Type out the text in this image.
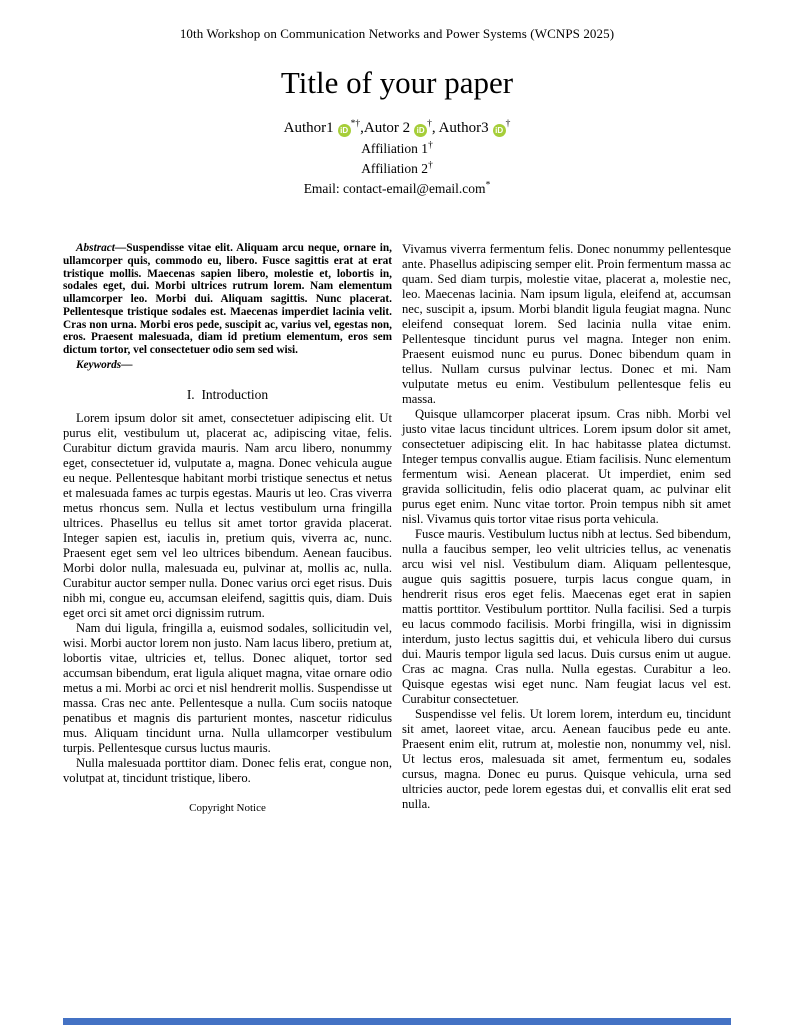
10th Workshop on Communication Networks and Power Systems (WCNPS 2025)
Title of your paper
Author1 iD*†,Autor 2 iD†, Author3 iD†
Affiliation 1†
Affiliation 2†
Email: contact-email@email.com*

Abstract—Suspendisse vitae elit. Aliquam arcu neque, ornare in, ullamcorper quis, commodo eu, libero. Fusce sagittis erat at erat tristique mollis. Maecenas sapien libero, molestie et, lobortis in, sodales eget, dui. Morbi ultrices rutrum lorem. Nam elementum ullamcorper leo. Morbi dui. Aliquam sagittis. Nunc placerat. Pellentesque tristique sodales est. Maecenas imperdiet lacinia velit. Cras non urna. Morbi eros pede, suscipit ac, varius vel, egestas non, eros. Praesent malesuada, diam id pretium elementum, eros sem dictum tortor, vel consectetuer odio sem sed wisi.

Keywords—

I. Introduction

Lorem ipsum dolor sit amet, consectetuer adipiscing elit. Ut purus elit, vestibulum ut, placerat ac, adipiscing vitae, felis. Curabitur dictum gravida mauris. Nam arcu libero, nonummy eget, consectetuer id, vulputate a, magna. Donec vehicula augue eu neque. Pellentesque habitant morbi tristique senectus et netus et malesuada fames ac turpis egestas. Mauris ut leo. Cras viverra metus rhoncus sem. Nulla et lectus vestibulum urna fringilla ultrices. Phasellus eu tellus sit amet tortor gravida placerat. Integer sapien est, iaculis in, pretium quis, viverra ac, nunc. Praesent eget sem vel leo ultrices bibendum. Aenean faucibus. Morbi dolor nulla, malesuada eu, pulvinar at, mollis ac, nulla. Curabitur auctor semper nulla. Donec varius orci eget risus. Duis nibh mi, congue eu, accumsan eleifend, sagittis quis, diam. Duis eget orci sit amet orci dignissim rutrum.

Nam dui ligula, fringilla a, euismod sodales, sollicitudin vel, wisi. Morbi auctor lorem non justo. Nam lacus libero, pretium at, lobortis vitae, ultricies et, tellus. Donec aliquet, tortor sed accumsan bibendum, erat ligula aliquet magna, vitae ornare odio metus a mi. Morbi ac orci et nisl hendrerit mollis. Suspendisse ut massa. Cras nec ante. Pellentesque a nulla. Cum sociis natoque penatibus et magnis dis parturient montes, nascetur ridiculus mus. Aliquam tincidunt urna. Nulla ullamcorper vestibulum turpis. Pellentesque cursus luctus mauris.

Nulla malesuada porttitor diam. Donec felis erat, congue non, volutpat at, tincidunt tristique, libero.

Copyright Notice

Vivamus viverra fermentum felis. Donec nonummy pellentesque ante. Phasellus adipiscing semper elit. Proin fermentum massa ac quam. Sed diam turpis, molestie vitae, placerat a, molestie nec, leo. Maecenas lacinia. Nam ipsum ligula, eleifend at, accumsan nec, suscipit a, ipsum. Morbi blandit ligula feugiat magna. Nunc eleifend consequat lorem. Sed lacinia nulla vitae enim. Pellentesque tincidunt purus vel magna. Integer non enim. Praesent euismod nunc eu purus. Donec bibendum quam in tellus. Nullam cursus pulvinar lectus. Donec et mi. Nam vulputate metus eu enim. Vestibulum pellentesque felis eu massa.

Quisque ullamcorper placerat ipsum. Cras nibh. Morbi vel justo vitae lacus tincidunt ultrices. Lorem ipsum dolor sit amet, consectetuer adipiscing elit. In hac habitasse platea dictumst. Integer tempus convallis augue. Etiam facilisis. Nunc elementum fermentum wisi. Aenean placerat. Ut imperdiet, enim sed gravida sollicitudin, felis odio placerat quam, ac pulvinar elit purus eget enim. Nunc vitae tortor. Proin tempus nibh sit amet nisl. Vivamus quis tortor vitae risus porta vehicula.

Fusce mauris. Vestibulum luctus nibh at lectus. Sed bibendum, nulla a faucibus semper, leo velit ultricies tellus, ac venenatis arcu wisi vel nisl. Vestibulum diam. Aliquam pellentesque, augue quis sagittis posuere, turpis lacus congue quam, in hendrerit risus eros eget felis. Maecenas eget erat in sapien mattis porttitor. Vestibulum porttitor. Nulla facilisi. Sed a turpis eu lacus commodo facilisis. Morbi fringilla, wisi in dignissim interdum, justo lectus sagittis dui, et vehicula libero dui cursus dui. Mauris tempor ligula sed lacus. Duis cursus enim ut augue. Cras ac magna. Cras nulla. Nulla egestas. Curabitur a leo. Quisque egestas wisi eget nunc. Nam feugiat lacus vel est. Curabitur consectetuer.

Suspendisse vel felis. Ut lorem lorem, interdum eu, tincidunt sit amet, laoreet vitae, arcu. Aenean faucibus pede eu ante. Praesent enim elit, rutrum at, molestie non, nonummy vel, nisl. Ut lectus eros, malesuada sit amet, fermentum eu, sodales cursus, magna. Donec eu purus. Quisque vehicula, urna sed ultricies auctor, pede lorem egestas dui, et convallis elit erat sed nulla.
